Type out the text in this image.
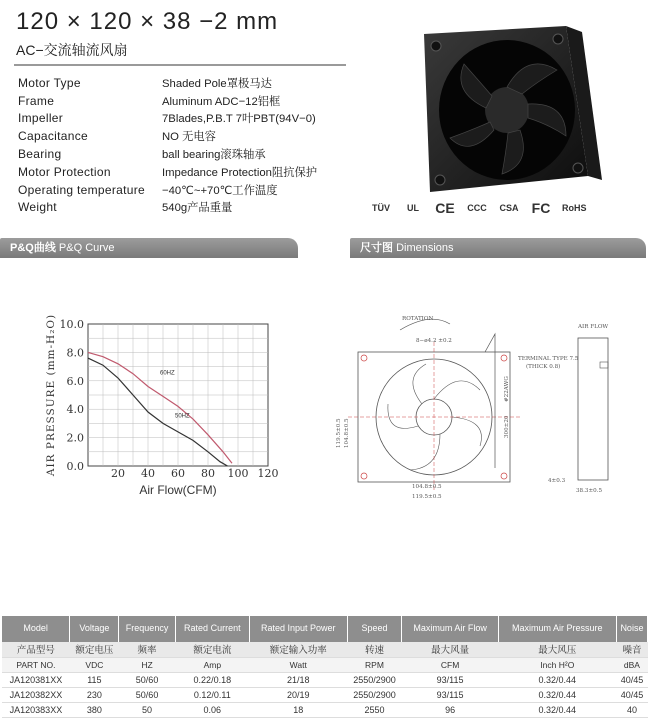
120 × 120 × 38 −2 mm
AC−交流轴流风扇
Motor Type	Shaded Pole罩极马达
Frame	Aluminum ADC−12铝框
Impeller	7Blades,P.B.T 7叶PBT(94V−0)
Capacitance	NO 无电容
Bearing	ball bearing滚珠轴承
Motor Protection	Impedance Protection阻抗保护
Operating temperature	−40℃~+70℃工作温度
Weight	540g产品重量	TÜV	UL	CE CCC CSA FC RoHS
P&Q曲线 P&Q Curve	尺寸图 Dimensions
20 40 60 80 100 120
0.0
2.0
4.0
6.0
8.0
10.0
60HZ
50HZ
Air Flow(CFM)
AIR PRESSURE (mm-H₂O)	ROTATION
8−ø4.2 ±0.2
AIR FLOW
TERMINAL TYPE 7.5
(THICK 0.8)
104.8±0.5
119.5±0.5
119.5±0.5 104.8±0.5	300±20
#22AWG
38.3±0.5
4±0.3
Model	Voltage	Frequency	Rated Current	Rated Input Power	Speed	Maximum Air Flow	Maximum Air Pressure	Noise
产品型号	额定电压	频率	额定电流	额定输入功率	转速	最大风量	最大风压	噪音
PART NO.	VDC	HZ	Amp	Watt	RPM	CFM	Inch H²O	dBA
JA120381XX	115	50/60	0.22/0.18	21/18	2550/2900	93/115	0.32/0.44	40/45
JA120382XX	230	50/60	0.12/0.11	20/19	2550/2900	93/115	0.32/0.44	40/45
JA120383XX	380	50	0.06	18	2550	96	0.32/0.44	40
